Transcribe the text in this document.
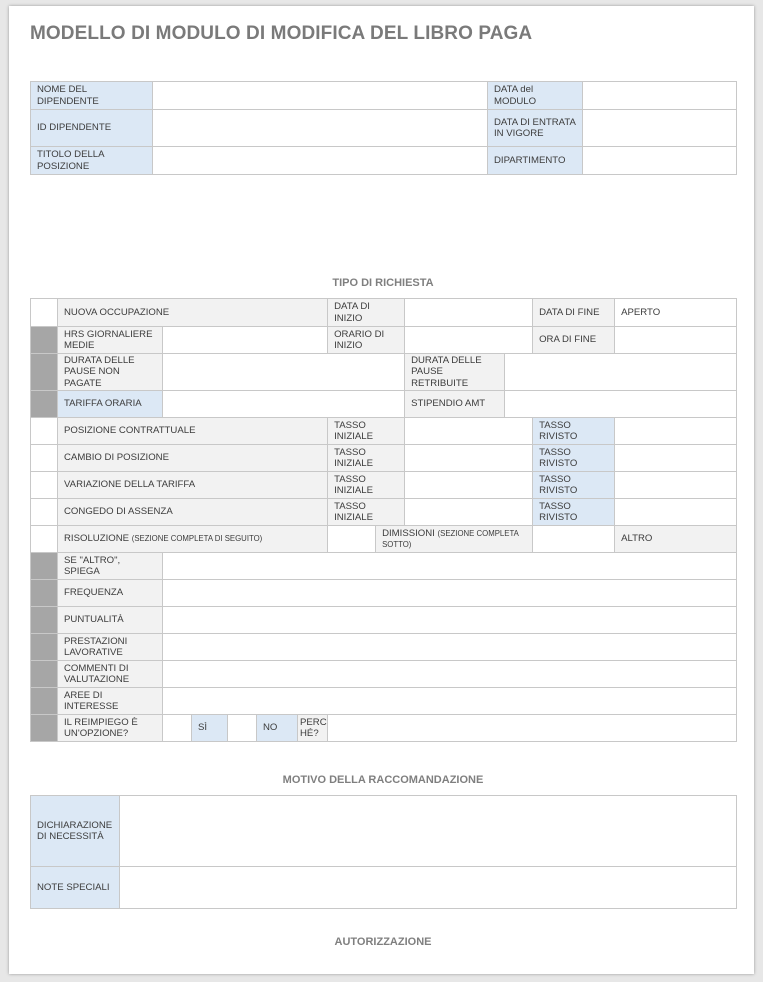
MODELLO DI MODULO DI MODIFICA DEL LIBRO PAGA
NOME DEL DIPENDENTE		DATA del MODULO	
ID DIPENDENTE		DATA DI ENTRATA IN VIGORE	
TITOLO DELLA POSIZIONE		DIPARTIMENTO	
TIPO DI RICHIESTA
	NUOVA OCCUPAZIONE						DATA DI INIZIO				DATA DI FINE	APERTO
	HRS GIORNALIERE MEDIE						ORARIO DI INIZIO				ORA DI FINE	
	DURATA DELLE PAUSE NON PAGATE								DURATA DELLE PAUSE RETRIBUITE			
	TARIFFA ORARIA								STIPENDIO AMT			
	POSIZIONE CONTRATTUALE						TASSO INIZIALE				TASSO RIVISTO	
	CAMBIO DI POSIZIONE						TASSO INIZIALE				TASSO RIVISTO	
	VARIAZIONE DELLA TARIFFA						TASSO INIZIALE				TASSO RIVISTO	
	CONGEDO DI ASSENZA						TASSO INIZIALE				TASSO RIVISTO	
	RISOLUZIONE (SEZIONE COMPLETA DI SEGUITO)							DIMISSIONI (SEZIONE COMPLETA SOTTO)				ALTRO
	SE "ALTRO", SPIEGA											
	FREQUENZA											
	PUNTUALITÀ											
	PRESTAZIONI LAVORATIVE											
	COMMENTI DI VALUTAZIONE											
	AREE DI INTERESSE											
	IL REIMPIEGO È UN'OPZIONE?		SÌ		NO	PERC HÉ?						
MOTIVO DELLA RACCOMANDAZIONE
DICHIARAZIONE DI NECESSITÀ	
NOTE SPECIALI	
AUTORIZZAZIONE
